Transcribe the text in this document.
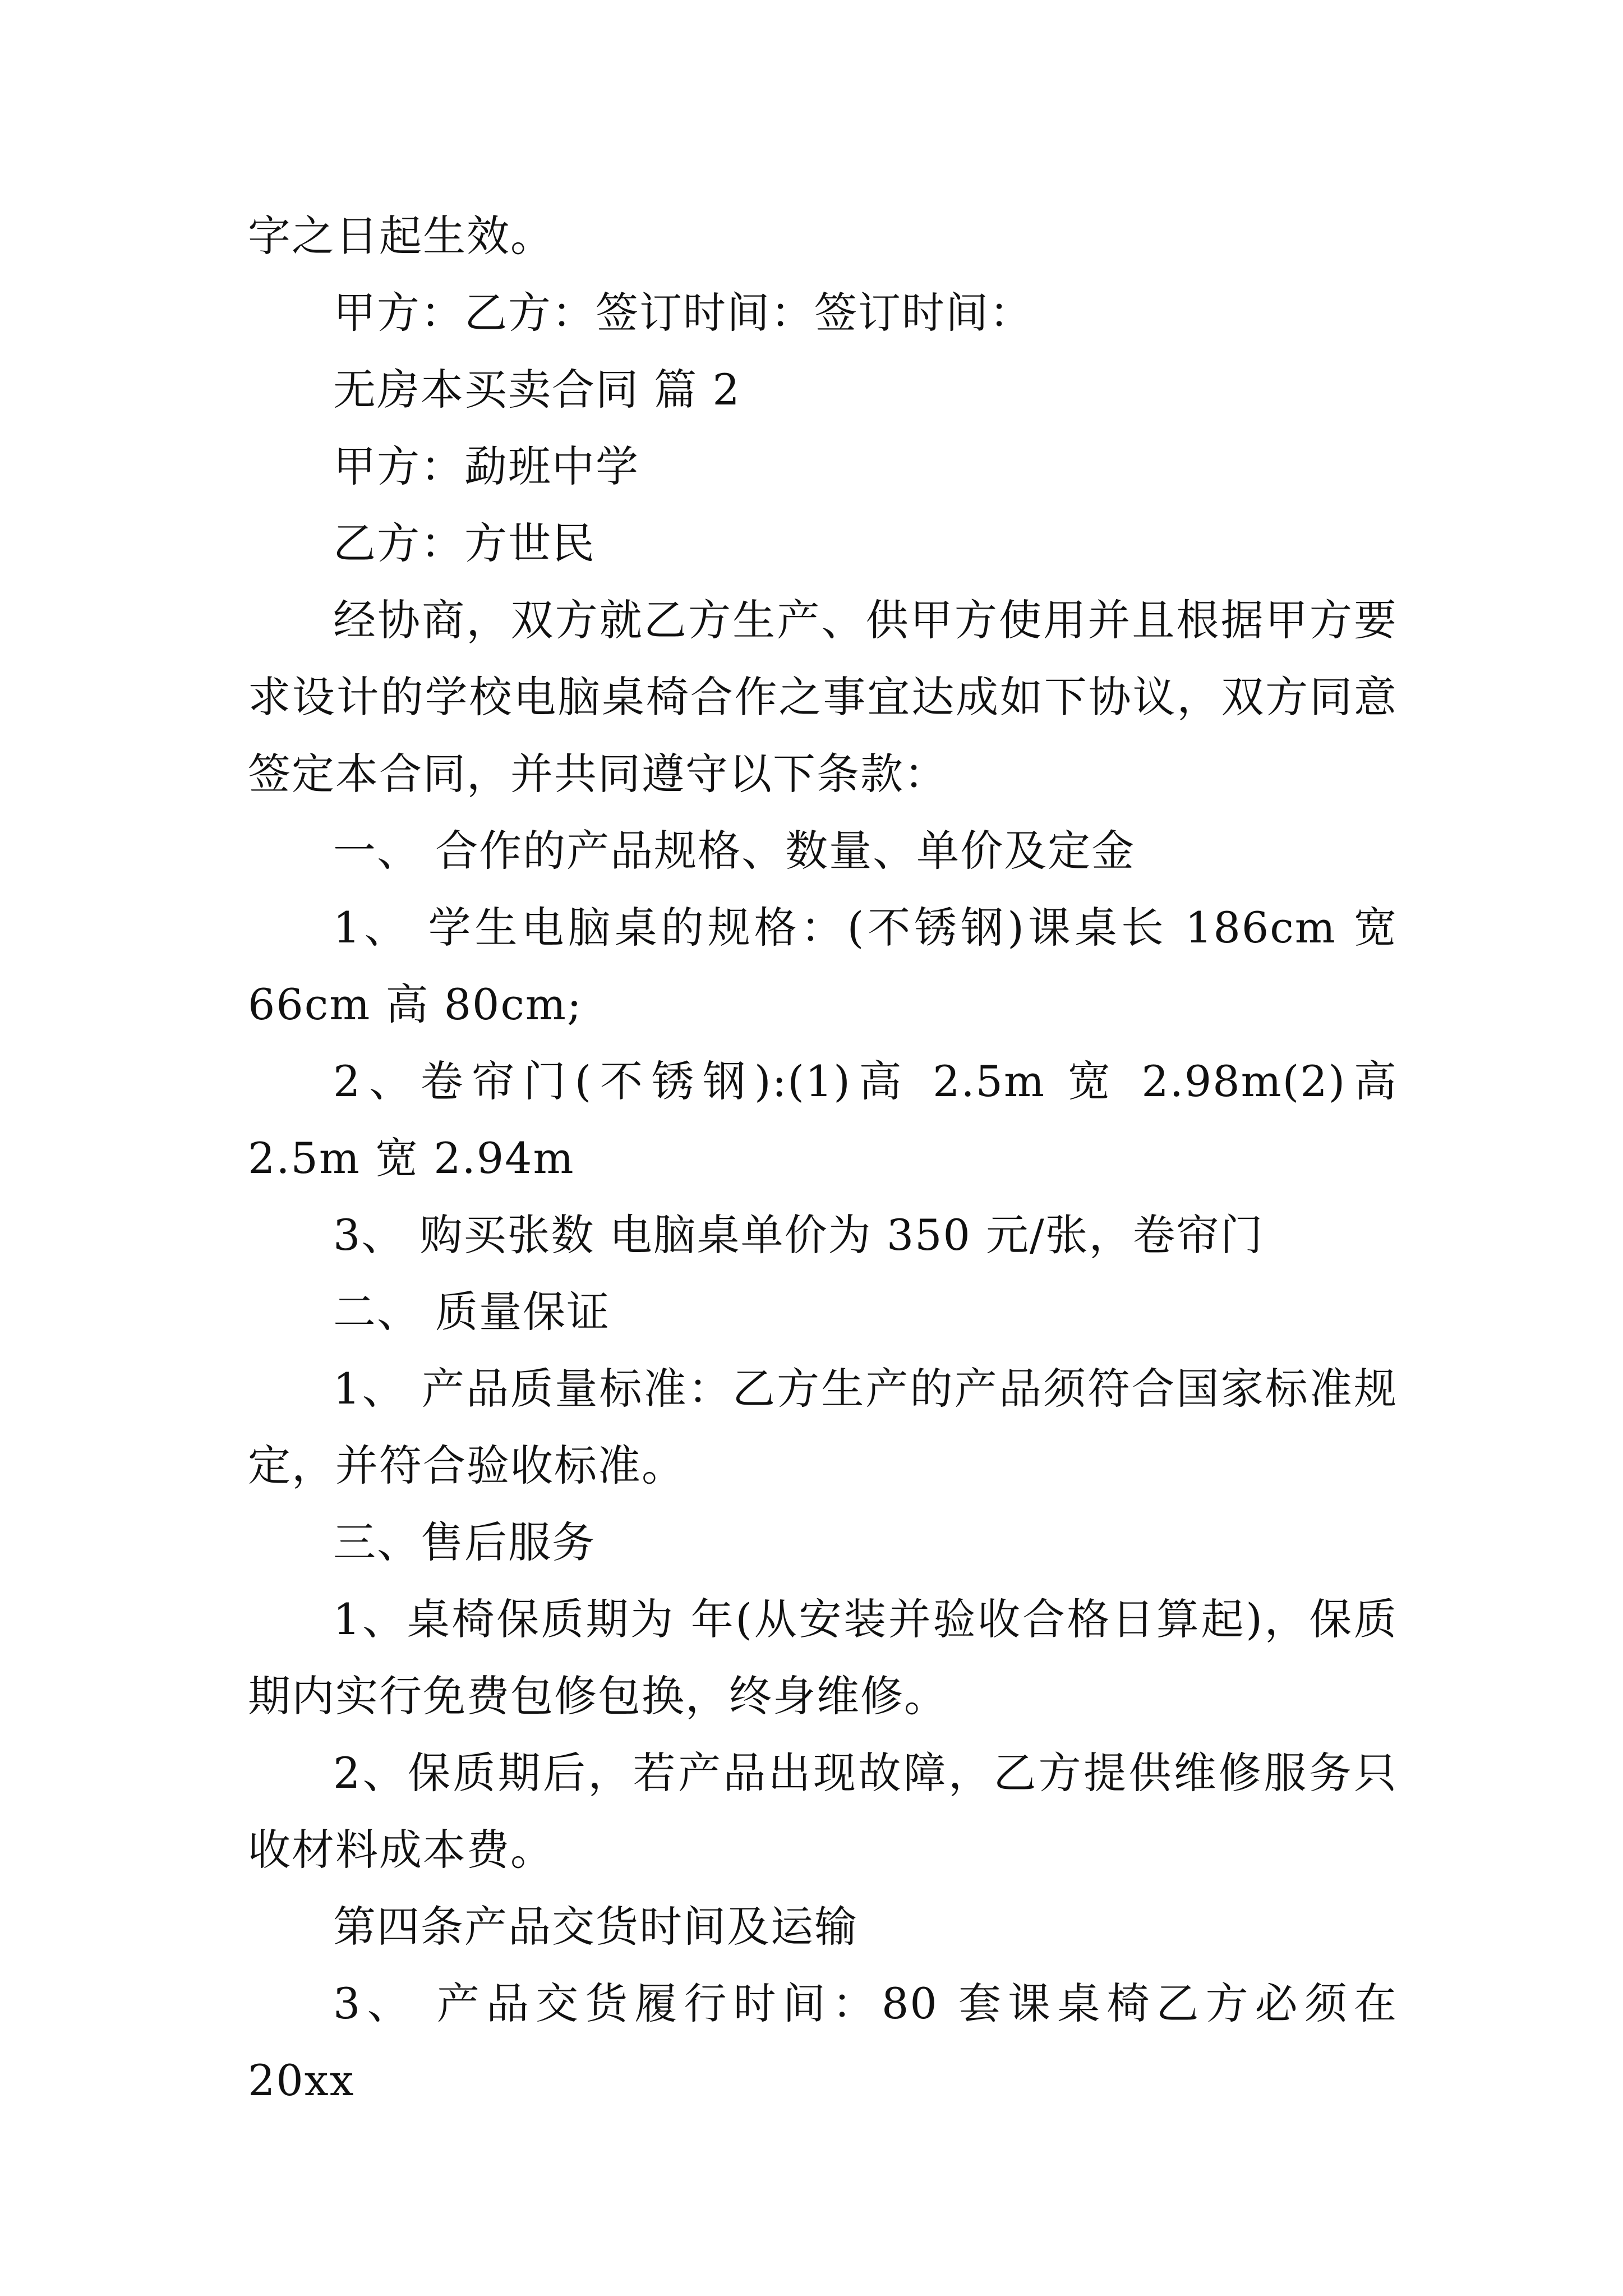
字之日起生效。

甲方：乙方：签订时间：签订时间：

无房本买卖合同 篇 2

甲方：勐班中学

乙方：方世民

经协商，双方就乙方生产、供甲方使用并且根据甲方要求设计的学校电脑桌椅合作之事宜达成如下协议，双方同意签定本合同，并共同遵守以下条款：

一、 合作的产品规格、数量、单价及定金

1、 学生电脑桌的规格：(不锈钢)课桌长 186cm 宽 66cm 高 80cm;

2、卷帘门(不锈钢):(1)高 2.5m 宽 2.98m(2)高 2.5m 宽 2.94m

3、 购买张数 电脑桌单价为 350 元/张，卷帘门

二、 质量保证

1、 产品质量标准：乙方生产的产品须符合国家标准规定，并符合验收标准。

三、售后服务

1、桌椅保质期为 年(从安装并验收合格日算起)，保质期内实行免费包修包换，终身维修。

2、保质期后，若产品出现故障，乙方提供维修服务只收材料成本费。

第四条产品交货时间及运输

3、 产品交货履行时间：80 套课桌椅乙方必须在 20xx
